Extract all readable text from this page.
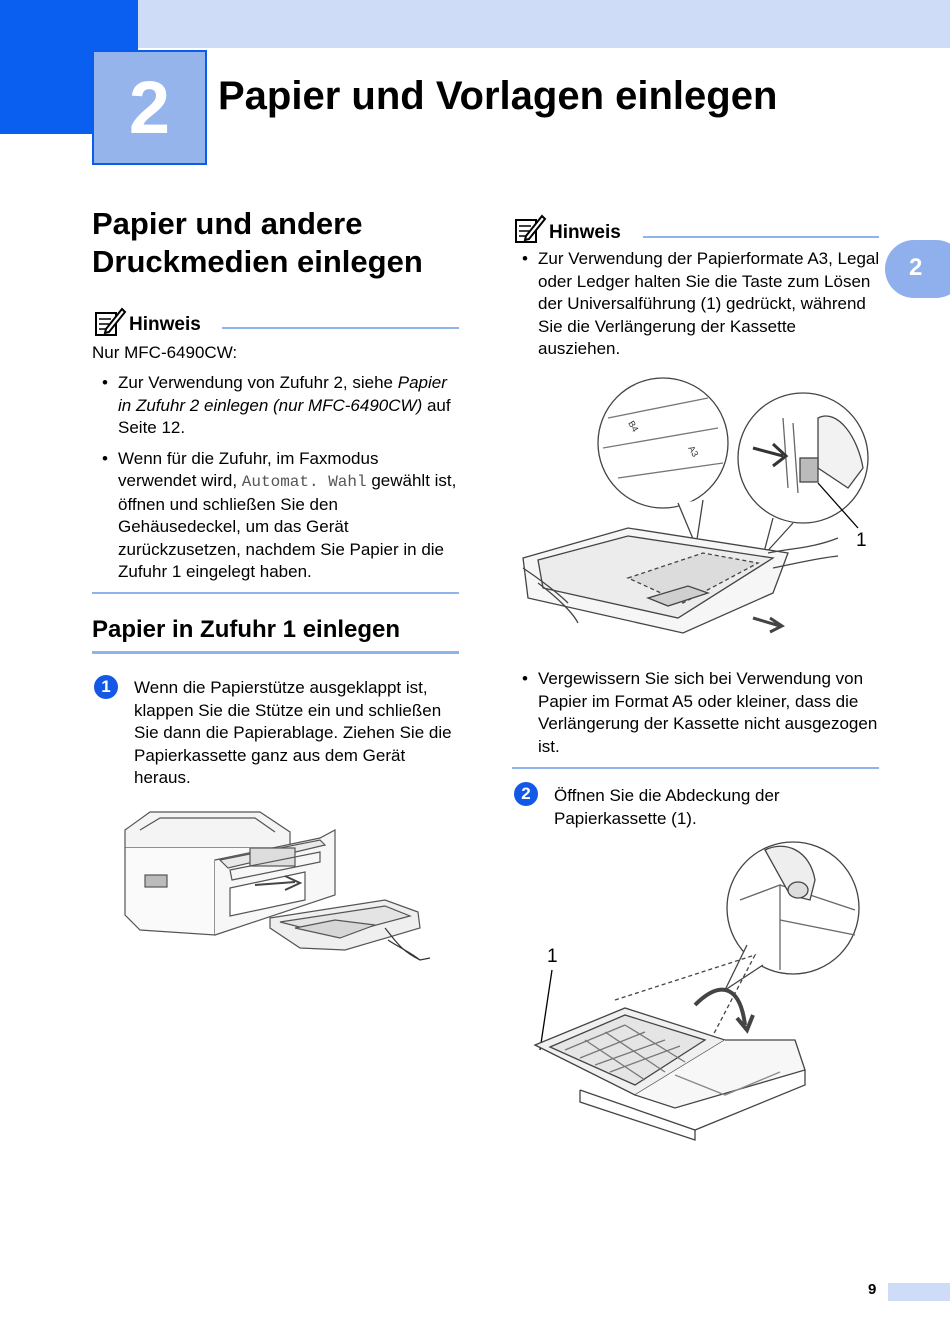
2	Papier und Vorlagen einlegen
2
Papier und andere
Druckmedien einlegen
Hinweis
Nur MFC-6490CW:
• Zur Verwendung von Zufuhr 2, siehe Papier in Zufuhr 2 einlegen (nur MFC-6490CW) auf Seite 12.
• Wenn für die Zufuhr, im Faxmodus verwendet wird, Automat. Wahl gewählt ist, öffnen und schließen Sie den Gehäusedeckel, um das Gerät zurückzusetzen, nachdem Sie Papier in die Zufuhr 1 eingelegt haben.
Papier in Zufuhr 1 einlegen
1	Wenn die Papierstütze ausgeklappt ist, klappen Sie die Stütze ein und schließen Sie dann die Papierablage. Ziehen Sie die Papierkassette ganz aus dem Gerät heraus.
Hinweis
• Zur Verwendung der Papierformate A3, Legal oder Ledger halten Sie die Taste zum Lösen der Universalführung (1) gedrückt, während Sie die Verlängerung der Kassette ausziehen.
B4
A3
1
• Vergewissern Sie sich bei Verwendung von Papier im Format A5 oder kleiner, dass die Verlängerung der Kassette nicht ausgezogen ist.
2	Öffnen Sie die Abdeckung der Papierkassette (1).
1
9
